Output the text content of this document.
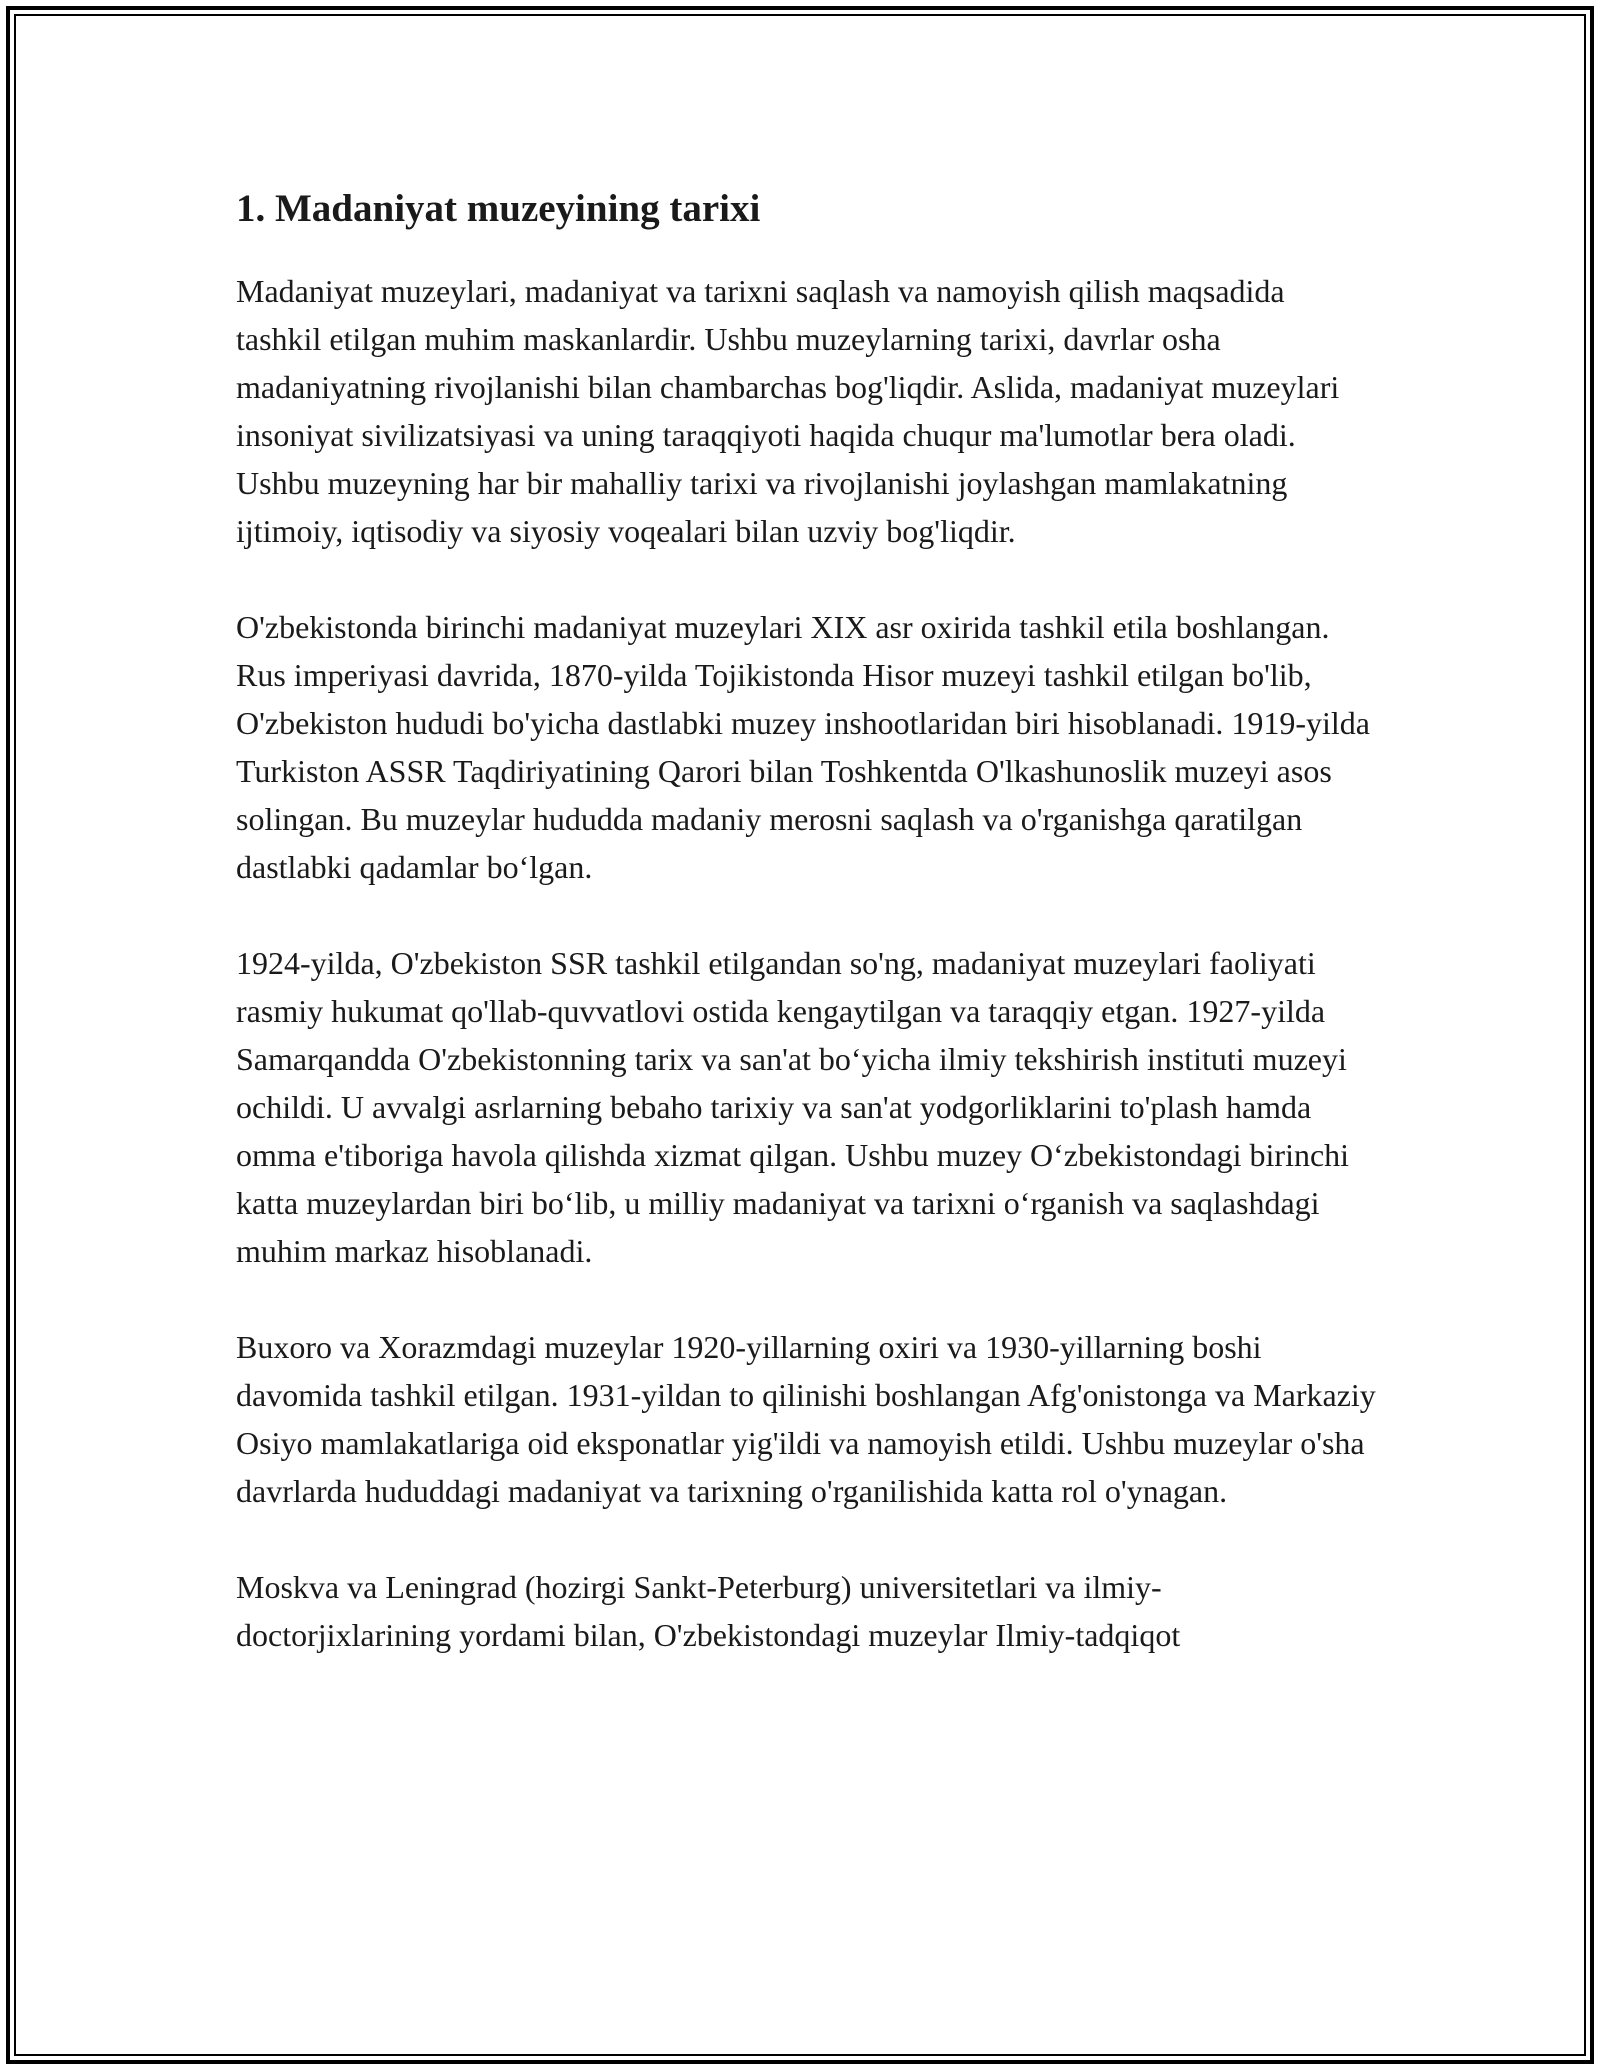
1. Madaniyat muzeyining tarixi

Madaniyat muzeylari, madaniyat va tarixni saqlash va namoyish qilish maqsadida tashkil etilgan muhim maskanlardir. Ushbu muzeylarning tarixi, davrlar osha madaniyatning rivojlanishi bilan chambarchas bog'liqdir. Aslida, madaniyat muzeylari insoniyat sivilizatsiyasi va uning taraqqiyoti haqida chuqur ma'lumotlar bera oladi. Ushbu muzeyning har bir mahalliy tarixi va rivojlanishi joylashgan mamlakatning ijtimoiy, iqtisodiy va siyosiy voqealari bilan uzviy bog'liqdir.

O'zbekistonda birinchi madaniyat muzeylari XIX asr oxirida tashkil etila boshlangan. Rus imperiyasi davrida, 1870-yilda Tojikistonda Hisor muzeyi tashkil etilgan bo'lib, O'zbekiston hududi bo'yicha dastlabki muzey inshootlaridan biri hisoblanadi. 1919-yilda Turkiston ASSR Taqdiriyatining Qarori bilan Toshkentda O'lkashunoslik muzeyi asos solingan. Bu muzeylar hududda madaniy merosni saqlash va o'rganishga qaratilgan dastlabki qadamlar bo‘lgan.

1924-yilda, O'zbekiston SSR tashkil etilgandan so'ng, madaniyat muzeylari faoliyati rasmiy hukumat qo'llab-quvvatlovi ostida kengaytilgan va taraqqiy etgan. 1927-yilda Samarqandda O'zbekistonning tarix va san'at bo‘yicha ilmiy tekshirish instituti muzeyi ochildi. U avvalgi asrlarning bebaho tarixiy va san'at yodgorliklarini to'plash hamda omma e'tiboriga havola qilishda xizmat qilgan. Ushbu muzey O‘zbekistondagi birinchi katta muzeylardan biri bo‘lib, u milliy madaniyat va tarixni o‘rganish va saqlashdagi muhim markaz hisoblanadi.

Buxoro va Xorazmdagi muzeylar 1920-yillarning oxiri va 1930-yillarning boshi davomida tashkil etilgan. 1931-yildan to qilinishi boshlangan Afg'onistonga va Markaziy Osiyo mamlakatlariga oid eksponatlar yig'ildi va namoyish etildi. Ushbu muzeylar o'sha davrlarda hududdagi madaniyat va tarixning o'rganilishida katta rol o'ynagan.

Moskva va Leningrad (hozirgi Sankt-Peterburg) universitetlari va ilmiy-doctorjixlarining yordami bilan, O'zbekistondagi muzeylar Ilmiy-tadqiqot
